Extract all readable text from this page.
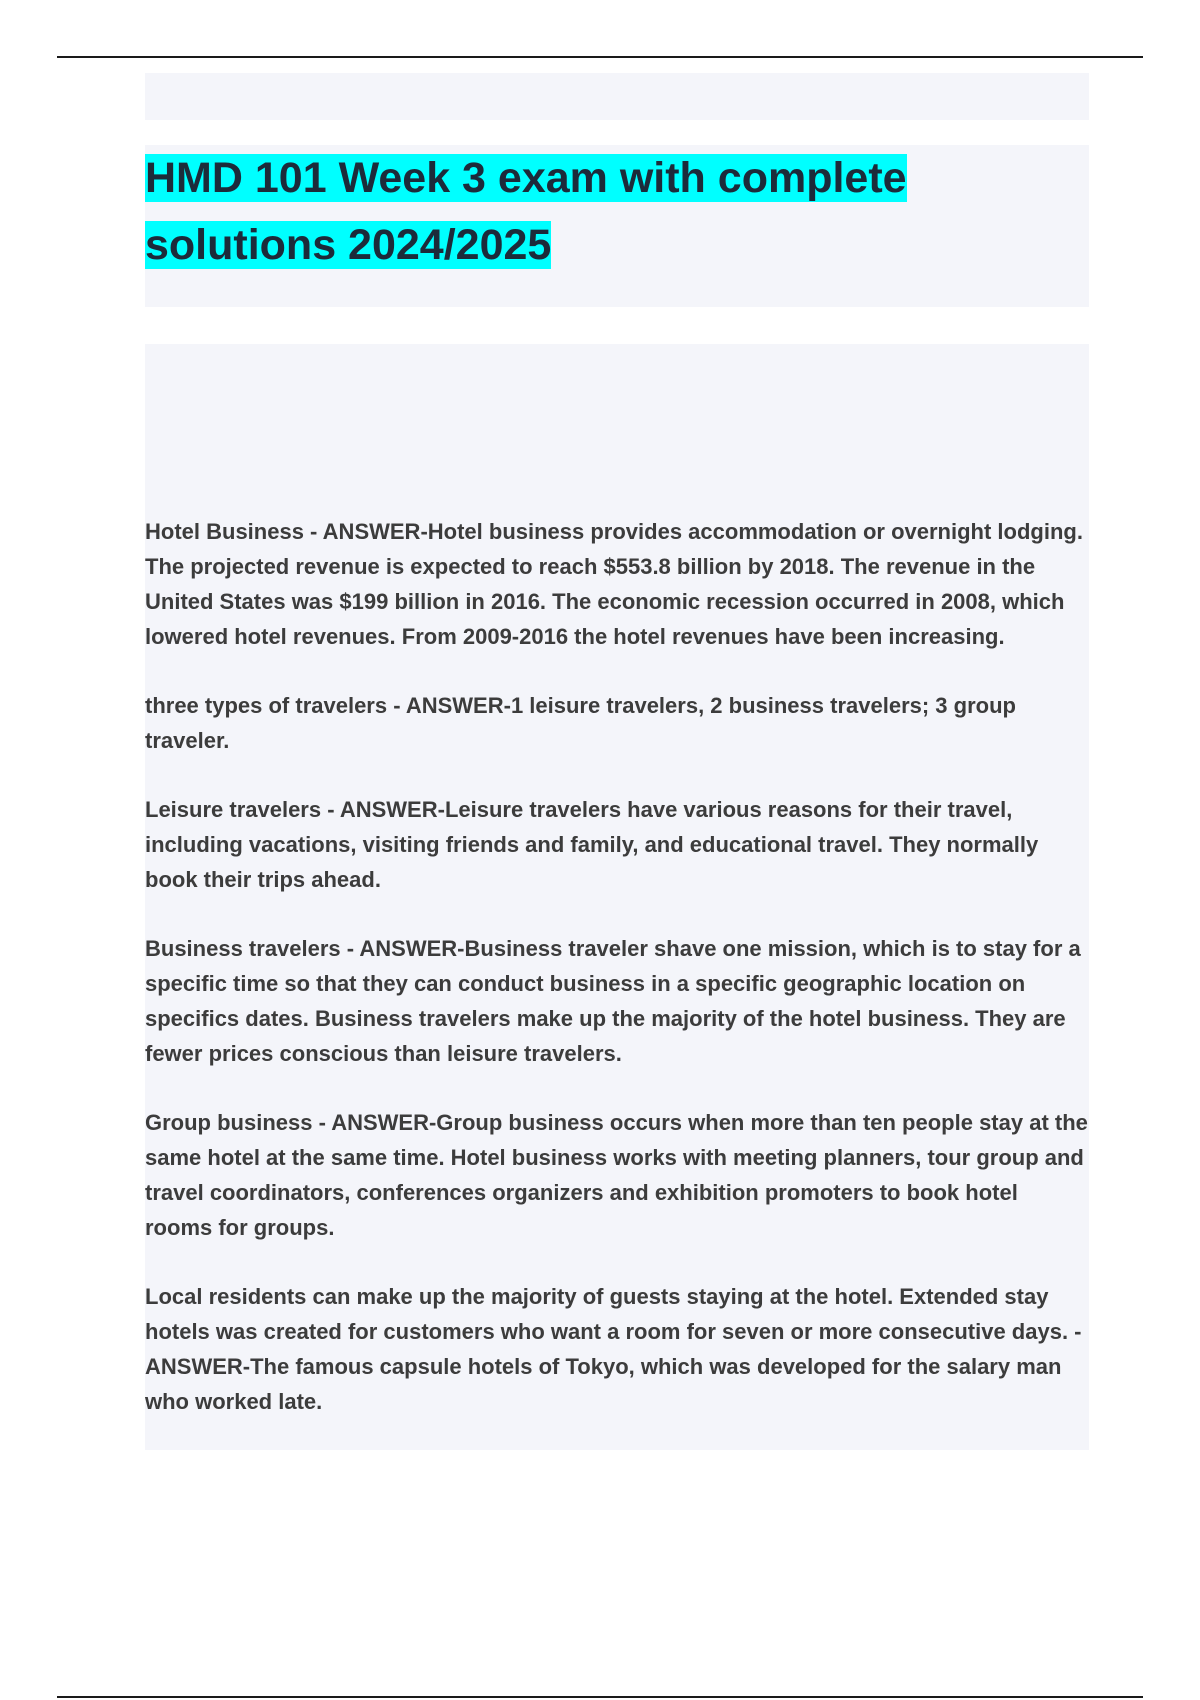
HMD 101 Week 3 exam with complete solutions 2024/2025

Hotel Business - ANSWER-Hotel business provides accommodation or overnight lodging. The projected revenue is expected to reach $553.8 billion by 2018. The revenue in the United States was $199 billion in 2016. The economic recession occurred in 2008, which lowered hotel revenues. From 2009-2016 the hotel revenues have been increasing.

three types of travelers - ANSWER-1 leisure travelers, 2 business travelers; 3 group traveler.

Leisure travelers - ANSWER-Leisure travelers have various reasons for their travel, including vacations, visiting friends and family, and educational travel. They normally book their trips ahead.

Business travelers - ANSWER-Business traveler shave one mission, which is to stay for a specific time so that they can conduct business in a specific geographic location on specifics dates. Business travelers make up the majority of the hotel business. They are fewer prices conscious than leisure travelers.

Group business - ANSWER-Group business occurs when more than ten people stay at the same hotel at the same time. Hotel business works with meeting planners, tour group and travel coordinators, conferences organizers and exhibition promoters to book hotel rooms for groups.

Local residents can make up the majority of guests staying at the hotel. Extended stay hotels was created for customers who want a room for seven or more consecutive days. - ANSWER-The famous capsule hotels of Tokyo, which was developed for the salary man who worked late.
